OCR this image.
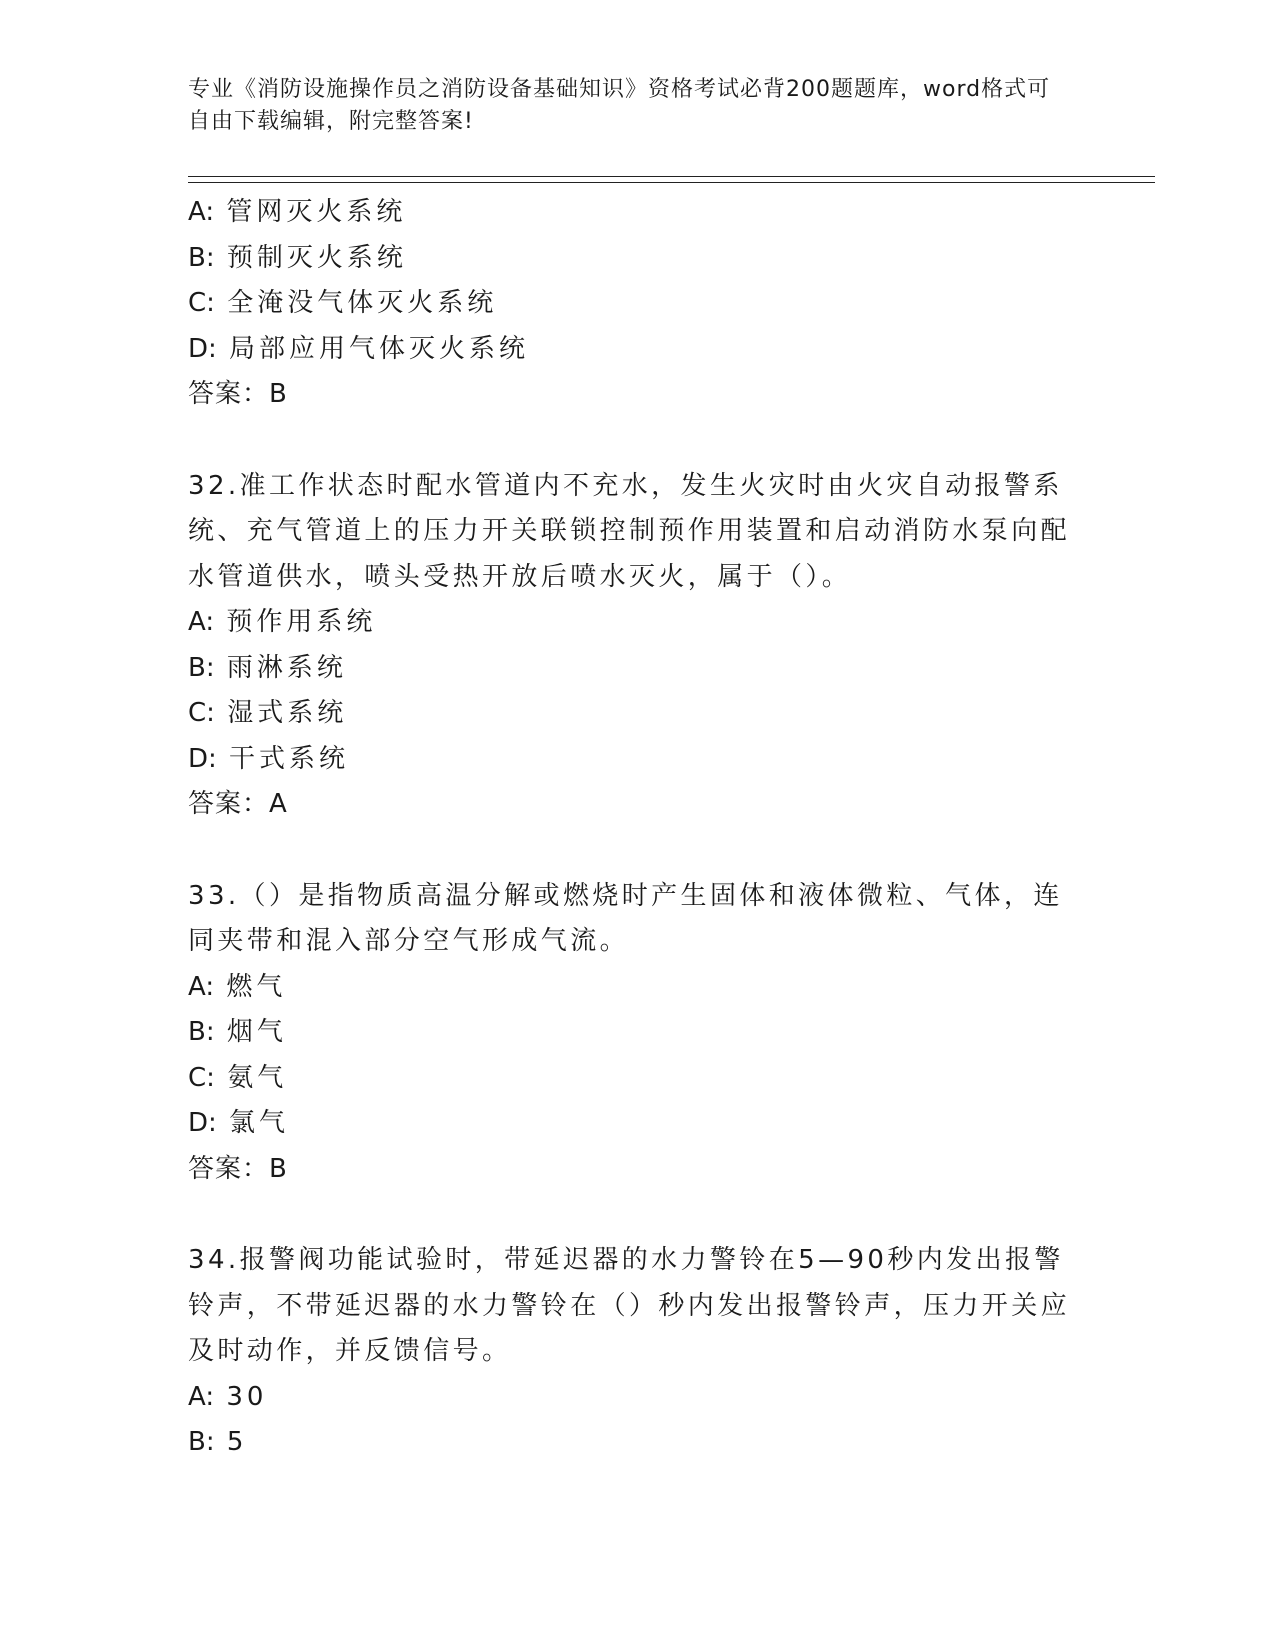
专业《消防设施操作员之消防设备基础知识》资格考试必背200题题库，word格式可自由下载编辑，附完整答案!
A: 管网灭火系统
B: 预制灭火系统
C: 全淹没气体灭火系统
D: 局部应用气体灭火系统
答案：B
32.准工作状态时配水管道内不充水，发生火灾时由火灾自动报警系统、充气管道上的压力开关联锁控制预作用装置和启动消防水泵向配水管道供水，喷头受热开放后喷水灭火，属于（）。
A: 预作用系统
B: 雨淋系统
C: 湿式系统
D: 干式系统
答案：A
33.（）是指物质高温分解或燃烧时产生固体和液体微粒、气体，连同夹带和混入部分空气形成气流。
A: 燃气
B: 烟气
C: 氨气
D: 氯气
答案：B
34.报警阀功能试验时，带延迟器的水力警铃在5—90秒内发出报警铃声，不带延迟器的水力警铃在（）秒内发出报警铃声，压力开关应及时动作，并反馈信号。
A: 30
B: 5
